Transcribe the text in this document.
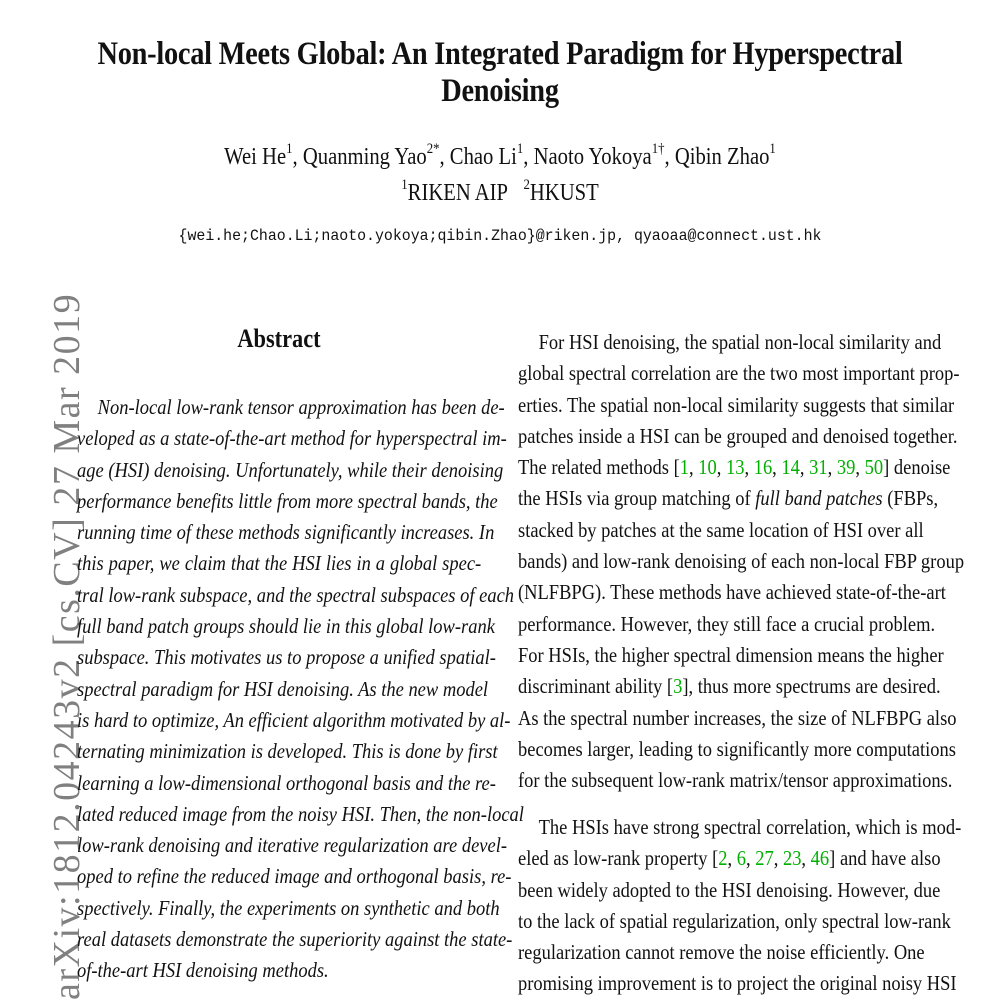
Non-local Meets Global: An Integrated Paradigm for Hyperspectral Denoising
Wei He$^1$, Quanming Yao$^{2*}$, Chao Li$^1$, Naoto Yokoya$^{1\dagger}$, Qibin Zhao$^1$
$^1$RIKEN AIP $^2$HKUST
{wei.he;Chao.Li;naoto.yokoya;qibin.Zhao}@riken.jp, qyaoaa@connect.ust.hk
arXiv:1812.04243v2 [cs.CV] 27 Mar 2019	Abstract
Non-local low-rank tensor approximation has been de-
veloped as a state-of-the-art method for hyperspectral im-
age (HSI) denoising. Unfortunately, while their denoising
performance benefits little from more spectral bands, the
running time of these methods significantly increases. In
this paper, we claim that the HSI lies in a global spec-
tral low-rank subspace, and the spectral subspaces of each
full band patch groups should lie in this global low-rank
subspace. This motivates us to propose a unified spatial-
spectral paradigm for HSI denoising. As the new model
is hard to optimize, An efficient algorithm motivated by al-
ternating minimization is developed. This is done by first
learning a low-dimensional orthogonal basis and the re-
lated reduced image from the noisy HSI. Then, the non-local
low-rank denoising and iterative regularization are devel-
oped to refine the reduced image and orthogonal basis, re-
spectively. Finally, the experiments on synthetic and both
real datasets demonstrate the superiority against the state-
of-the-art HSI denoising methods.
For HSI denoising, the spatial non-local similarity and
global spectral correlation are the two most important prop-
erties. The spatial non-local similarity suggests that similar
patches inside a HSI can be grouped and denoised together.
The related methods [1, 10, 13, 16, 14, 31, 39, 50] denoise
the HSIs via group matching of full band patches (FBPs,
stacked by patches at the same location of HSI over all
bands) and low-rank denoising of each non-local FBP group
(NLFBPG). These methods have achieved state-of-the-art
performance. However, they still face a crucial problem.
For HSIs, the higher spectral dimension means the higher
discriminant ability [3], thus more spectrums are desired.
As the spectral number increases, the size of NLFBPG also
becomes larger, leading to significantly more computations
for the subsequent low-rank matrix/tensor approximations.
The HSIs have strong spectral correlation, which is mod-
eled as low-rank property [2, 6, 27, 23, 46] and have also
been widely adopted to the HSI denoising. However, due
to the lack of spatial regularization, only spectral low-rank
regularization cannot remove the noise efficiently. One
promising improvement is to project the original noisy HSI
